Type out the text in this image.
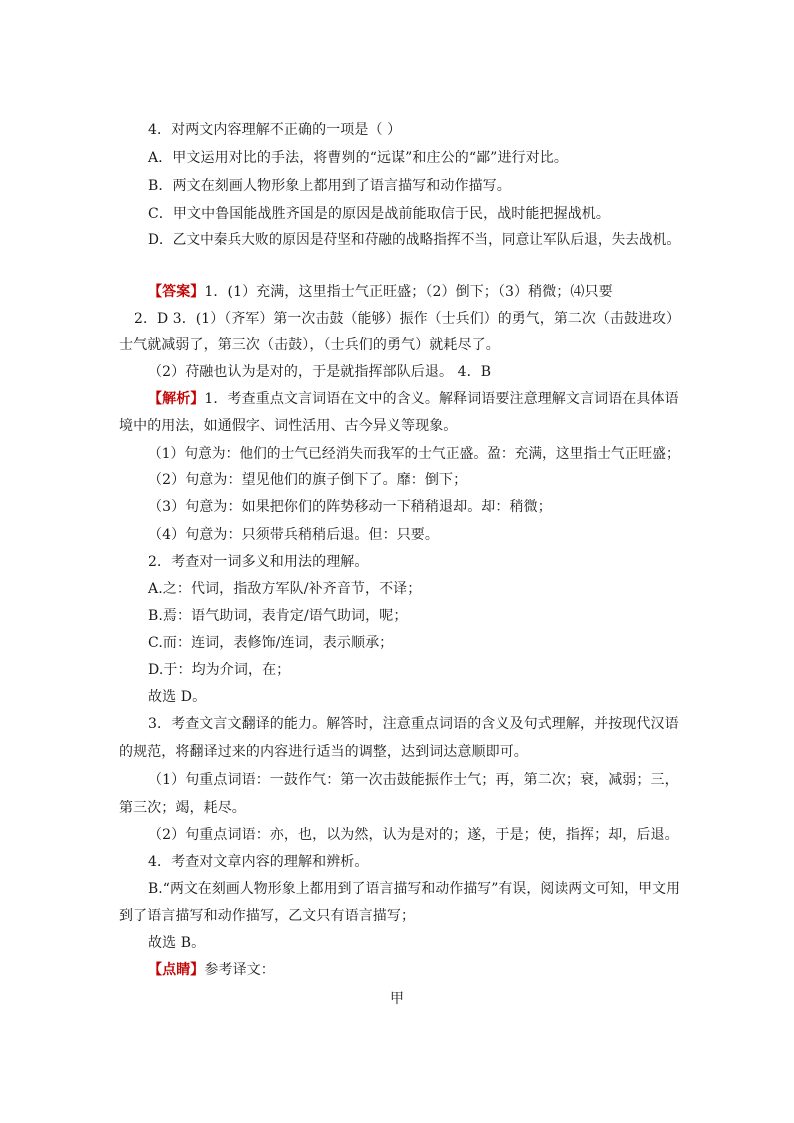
4．对两文内容理解不正确的一项是（ ）
A．甲文运用对比的手法，将曹刿的“远谋”和庄公的“鄙”进行对比。
B．两文在刻画人物形象上都用到了语言描写和动作描写。
C．甲文中鲁国能战胜齐国是的原因是战前能取信于民，战时能把握战机。
D．乙文中秦兵大败的原因是苻坚和苻融的战略指挥不当，同意让军队后退，失去战机。
【答案】1．(1）充满，这里指士气正旺盛；（2）倒下；（3）稍微；⑷只要
2．D 3．(1）（齐军）第一次击鼓（能够）振作（士兵们）的勇气，第二次（击鼓进攻）
士气就减弱了，第三次（击鼓），（士兵们的勇气）就耗尽了。
（2）苻融也认为是对的，于是就指挥部队后退。 4．B
【解析】1．考查重点文言词语在文中的含义。解释词语要注意理解文言词语在具体语
境中的用法，如通假字、词性活用、古今异义等现象。
（1）句意为：他们的士气已经消失而我军的士气正盛。盈：充满，这里指士气正旺盛；
（2）句意为：望见他们的旗子倒下了。靡：倒下；
（3）句意为：如果把你们的阵势移动一下稍稍退却。却：稍微；
（4）句意为：只须带兵稍稍后退。但：只要。
2．考查对一词多义和用法的理解。
A.之：代词，指敌方军队/补齐音节，不译；
B.焉：语气助词，表肯定/语气助词，呢；
C.而：连词，表修饰/连词，表示顺承；
D.于：均为介词，在；
故选 D。
3．考查文言文翻译的能力。解答时，注意重点词语的含义及句式理解，并按现代汉语
的规范，将翻译过来的内容进行适当的调整，达到词达意顺即可。
（1）句重点词语：一鼓作气：第一次击鼓能振作士气；再，第二次；衰，减弱；三，
第三次；竭，耗尽。
（2）句重点词语：亦，也，以为然，认为是对的；遂，于是；使，指挥；却，后退。
4．考查对文章内容的理解和辨析。
B.“两文在刻画人物形象上都用到了语言描写和动作描写”有误，阅读两文可知，甲文用
到了语言描写和动作描写，乙文只有语言描写；
故选 B。
【点睛】参考译文：
甲
